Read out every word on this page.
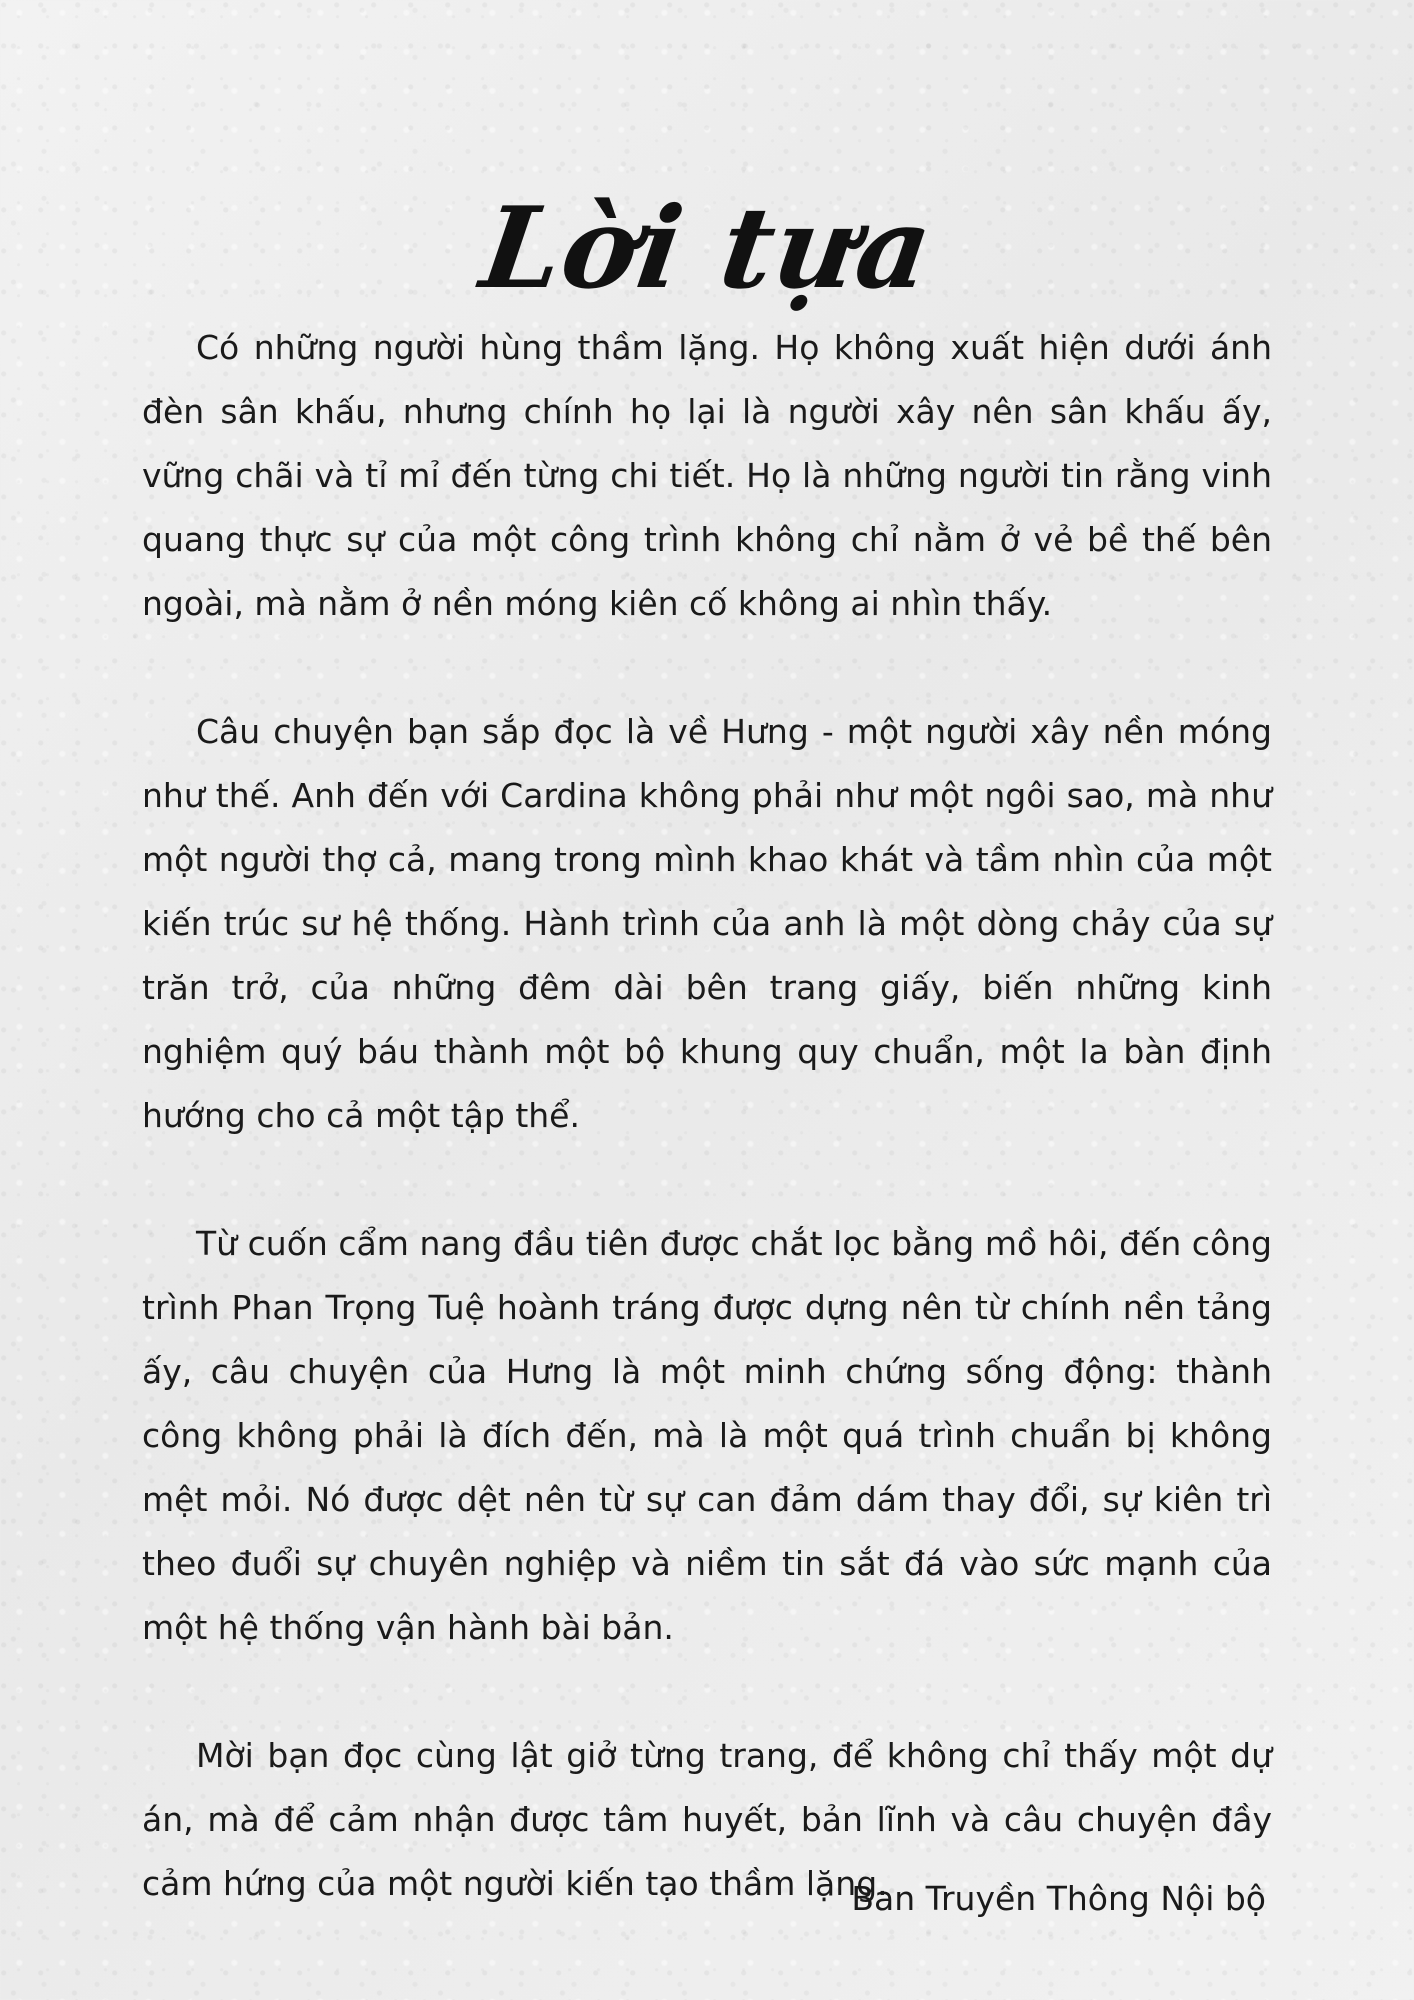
Lời tựa

Có những người hùng thầm lặng. Họ không xuất hiện dưới ánh đèn sân khấu, nhưng chính họ lại là người xây nên sân khấu ấy, vững chãi và tỉ mỉ đến từng chi tiết. Họ là những người tin rằng vinh quang thực sự của một công trình không chỉ nằm ở vẻ bề thế bên ngoài, mà nằm ở nền móng kiên cố không ai nhìn thấy.

Câu chuyện bạn sắp đọc là về Hưng - một người xây nền móng như thế. Anh đến với Cardina không phải như một ngôi sao, mà như một người thợ cả, mang trong mình khao khát và tầm nhìn của một kiến trúc sư hệ thống. Hành trình của anh là một dòng chảy của sự trăn trở, của những đêm dài bên trang giấy, biến những kinh nghiệm quý báu thành một bộ khung quy chuẩn, một la bàn định hướng cho cả một tập thể.

Từ cuốn cẩm nang đầu tiên được chắt lọc bằng mồ hôi, đến công trình Phan Trọng Tuệ hoành tráng được dựng nên từ chính nền tảng ấy, câu chuyện của Hưng là một minh chứng sống động: thành công không phải là đích đến, mà là một quá trình chuẩn bị không mệt mỏi. Nó được dệt nên từ sự can đảm dám thay đổi, sự kiên trì theo đuổi sự chuyên nghiệp và niềm tin sắt đá vào sức mạnh của một hệ thống vận hành bài bản.

Mời bạn đọc cùng lật giở từng trang, để không chỉ thấy một dự án, mà để cảm nhận được tâm huyết, bản lĩnh và câu chuyện đầy cảm hứng của một người kiến tạo thầm lặng.

Ban Truyền Thông Nội bộ
